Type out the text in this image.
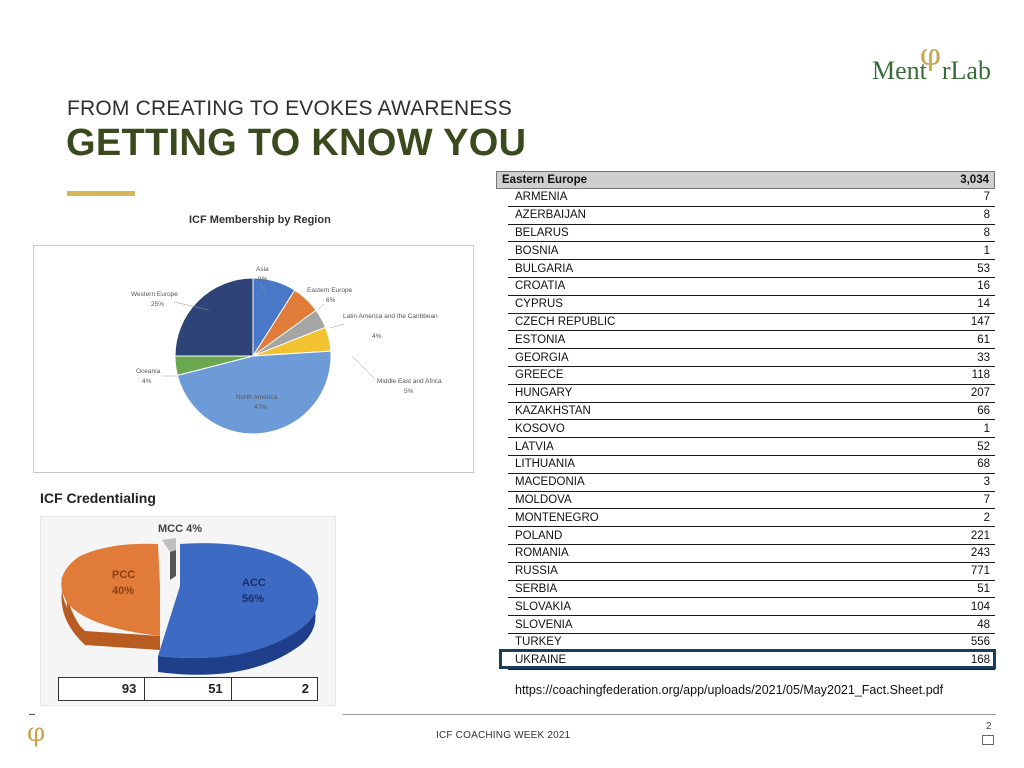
FROM CREATING TO EVOKES AWARENESS
GETTING TO KNOW YOU
φ
Ment rLab
ICF Membership by Region
Asia
9%
Eastern Europe
6%
Latin America and the Caribbean
4%
Middle East and Africa
5%
North America
47%
Oceania
4%
Western Europe
25%
ICF Credentialing
PCC
40%
ACC
56%
MCC 4%
93	51	2
Eastern Europe	3,034
ARMENIA	7
AZERBAIJAN	8
BELARUS	8
BOSNIA	1
BULGARIA	53
CROATIA	16
CYPRUS	14
CZECH REPUBLIC	147
ESTONIA	61
GEORGIA	33
GREECE	118
HUNGARY	207
KAZAKHSTAN	66
KOSOVO	1
LATVIA	52
LITHUANIA	68
MACEDONIA	3
MOLDOVA	7
MONTENEGRO	2
POLAND	221
ROMANIA	243
RUSSIA	771
SERBIA	51
SLOVAKIA	104
SLOVENIA	48
TURKEY	556
UKRAINE	168
https://coachingfederation.org/app/uploads/2021/05/May2021_Fact.Sheet.pdf
φ	ICF COACHING WEEK 2021
2
